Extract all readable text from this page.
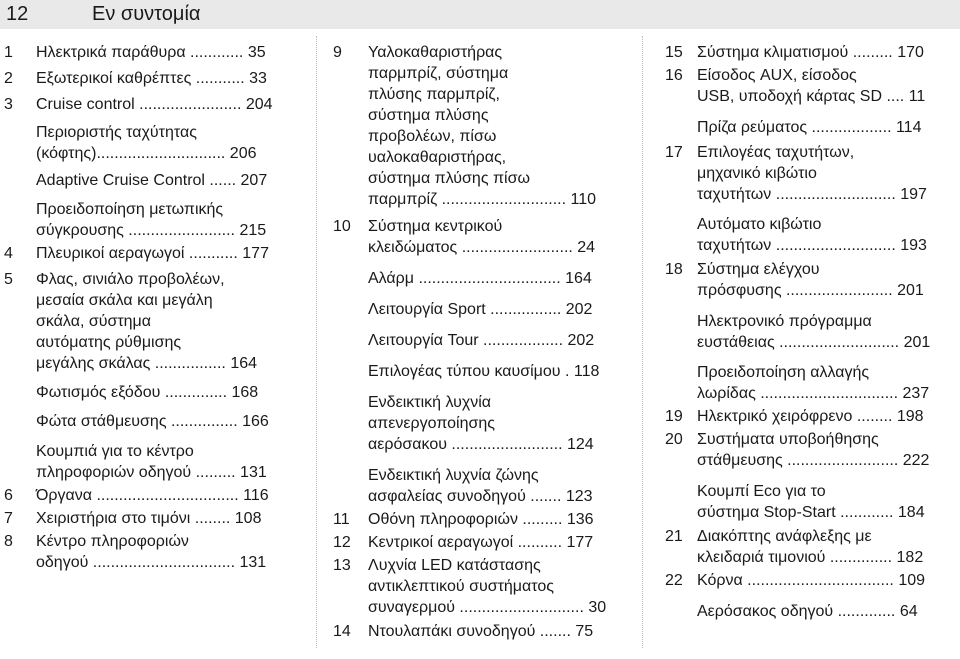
12	Εν συντομία
1	Ηλεκτρικά παράθυρα ............ 35
2	Εξωτερικοί καθρέπτες ........... 33
3	Cruise control ....................... 204
Περιοριστής ταχύτητας
(κόφτης)............................. 206
Adaptive Cruise Control ...... 207
Προειδοποίηση μετωπικής
σύγκρουσης ........................ 215
4	Πλευρικοί αεραγωγοί ........... 177
5	Φλας, σινιάλο προβολέων,
μεσαία σκάλα και μεγάλη
σκάλα, σύστημα
αυτόματης ρύθμισης
μεγάλης σκάλας ................ 164
Φωτισμός εξόδου .............. 168
Φώτα στάθμευσης ............... 166
Κουμπιά για το κέντρο
πληροφοριών οδηγού ......... 131
6	Όργανα ................................ 116
7	Χειριστήρια στο τιμόνι ........ 108
8	Κέντρο πληροφοριών
οδηγού ................................ 131
9	Υαλοκαθαριστήρας
παρμπρίζ, σύστημα
πλύσης παρμπρίζ,
σύστημα πλύσης
προβολέων, πίσω
υαλοκαθαριστήρας,
σύστημα πλύσης πίσω
παρμπρίζ ............................ 110
10	Σύστημα κεντρικού
κλειδώματος ......................... 24
Αλάρμ ................................ 164
Λειτουργία Sport ................ 202
Λειτουργία Tour .................. 202
Επιλογέας τύπου καυσίμου . 118
Ενδεικτική λυχνία
απενεργοποίησης
αερόσακου ......................... 124
Ενδεικτική λυχνία ζώνης
ασφαλείας συνοδηγού ....... 123
11	Οθόνη πληροφοριών ......... 136
12	Κεντρικοί αεραγωγοί .......... 177
13	Λυχνία LED κατάστασης
αντικλεπτικού συστήματος
συναγερμού ............................ 30
14	Ντουλαπάκι συνοδηγού ....... 75
15 Σύστημα κλιματισμού ......... 170
16 Είσοδος AUX, είσοδος
USB, υποδοχή κάρτας SD .... 11
Πρίζα ρεύματος .................. 114
17 Επιλογέας ταχυτήτων,
μηχανικό κιβώτιο
ταχυτήτων ........................... 197
Αυτόματο κιβώτιο
ταχυτήτων ........................... 193
18 Σύστημα ελέγχου
πρόσφυσης ........................ 201
Ηλεκτρονικό πρόγραμμα
ευστάθειας ........................... 201
Προειδοποίηση αλλαγής
λωρίδας ............................... 237
19 Ηλεκτρικό χειρόφρενο ........ 198
20 Συστήματα υποβοήθησης
στάθμευσης ......................... 222
Κουμπί Eco για το
σύστημα Stop-Start ............ 184
21 Διακόπτης ανάφλεξης με
κλειδαριά τιμονιού .............. 182
22 Κόρνα ................................. 109
Αερόσακος οδηγού ............. 64
